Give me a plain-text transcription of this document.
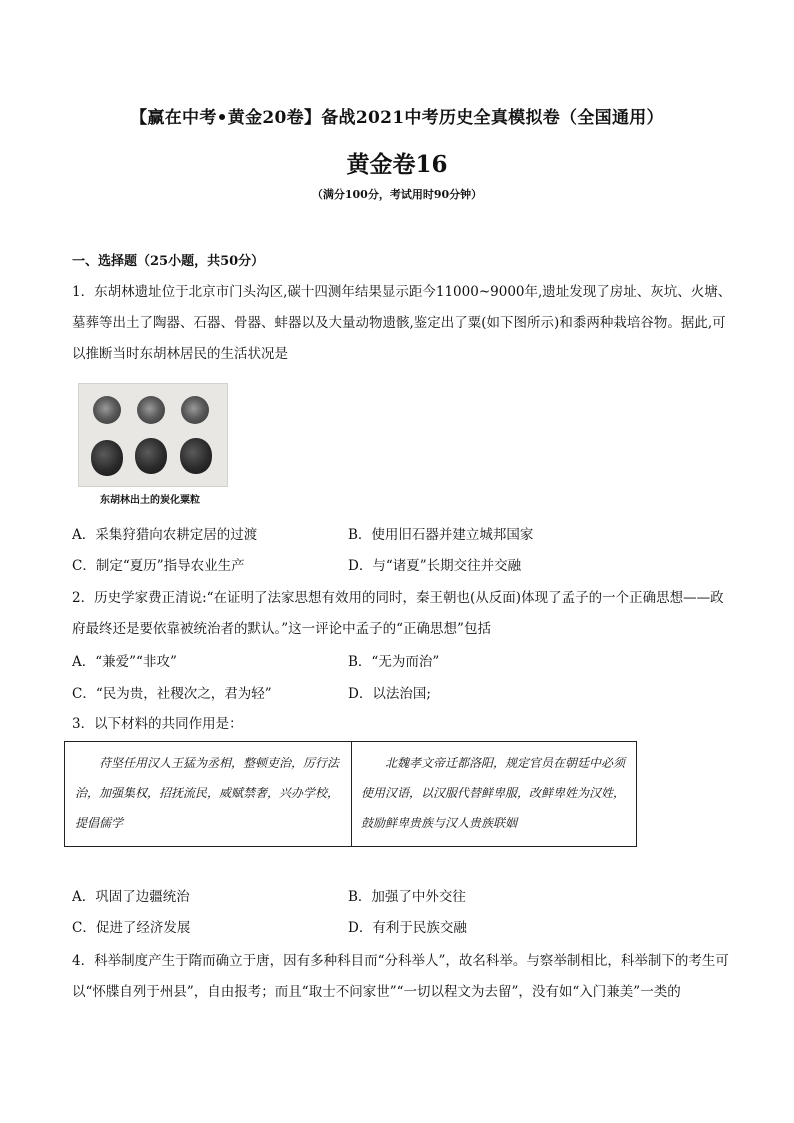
【赢在中考•黄金20卷】备战2021中考历史全真模拟卷（全国通用）
黄金卷16
（满分100分，考试用时90分钟）
一、选择题（25小题，共50分）
1．东胡林遗址位于北京市门头沟区,碳十四测年结果显示距今11000~9000年,遗址发现了房址、灰坑、火塘、墓葬等出土了陶器、石器、骨器、蚌器以及大量动物遗骸,鉴定出了粟(如下图所示)和黍两种栽培谷物。据此,可以推断当时东胡林居民的生活状况是
东胡林出土的炭化粟粒
A．采集狩猎向农耕定居的过渡	B．使用旧石器并建立城邦国家
C．制定“夏历”指导农业生产	D．与“诸夏”长期交往并交融
2．历史学家费正清说:“在证明了法家思想有效用的同时，秦王朝也(从反面)体现了孟子的一个正确思想——政府最终还是要依靠被统治者的默认。”这一评论中孟子的“正确思想”包括
A．“兼爱”“非攻”	B．“无为而治”
C．“民为贵，社稷次之，君为轻”	D．以法治国;
3．以下材料的共同作用是：
苻坚任用汉人王猛为丞相，整顿吏治，厉行法治，加强集权，招抚流民，威赋禁奢，兴办学校，提倡儒学
北魏孝文帝迁都洛阳，规定官员在朝廷中必须使用汉语，以汉服代替鲜卑服，改鲜卑姓为汉姓，鼓励鲜卑贵族与汉人贵族联姻
A．巩固了边疆统治	B．加强了中外交往
C．促进了经济发展	D．有利于民族交融
4．科举制度产生于隋而确立于唐，因有多种科目而“分科举人”，故名科举。与察举制相比，科举制下的考生可以“怀牒自列于州县”，自由报考；而且“取士不问家世”“一切以程文为去留”，没有如“入门兼美”一类的
